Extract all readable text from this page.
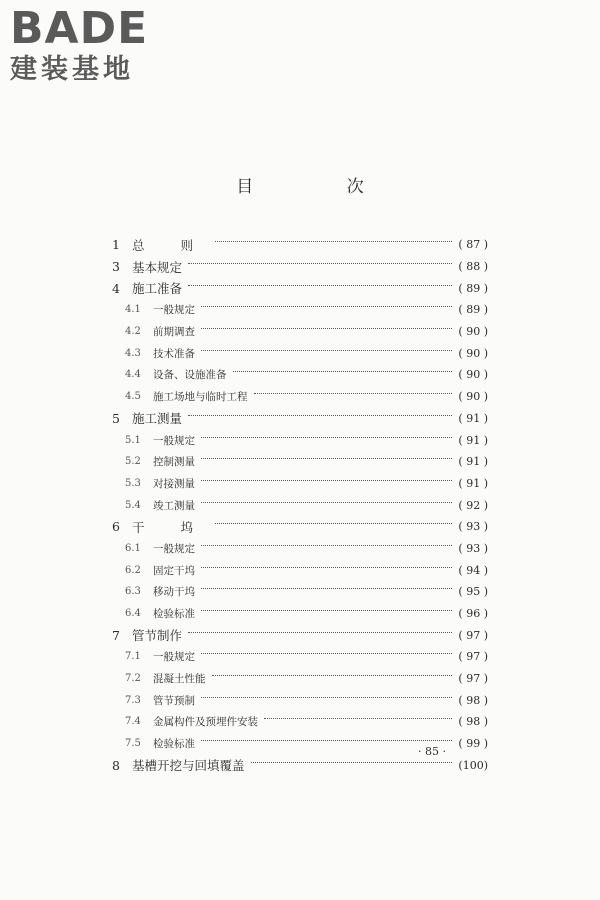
BADE
建装基地
目 次
1 总 则	( 87 )
3 基本规定	( 88 )
4 施工准备	( 89 )
4.1	一般规定	( 89 )
4.2	前期调查	( 90 )
4.3	技术准备	( 90 )
4.4	设备、设施准备	( 90 )
4.5	施工场地与临时工程	( 90 )
5 施工测量	( 91 )
5.1	一般规定	( 91 )
5.2	控制测量	( 91 )
5.3	对接测量	( 91 )
5.4	竣工测量	( 92 )
6 干 坞	( 93 )
6.1	一般规定	( 93 )
6.2	固定干坞	( 94 )
6.3	移动干坞	( 95 )
6.4	检验标准	( 96 )
7 管节制作	( 97 )
7.1	一般规定	( 97 )
7.2	混凝土性能	( 97 )
7.3	管节预制	( 98 )
7.4	金属构件及预埋件安装	( 98 )
7.5	检验标准	( 99 )
8 基槽开挖与回填覆盖	(100)
· 85 ·
